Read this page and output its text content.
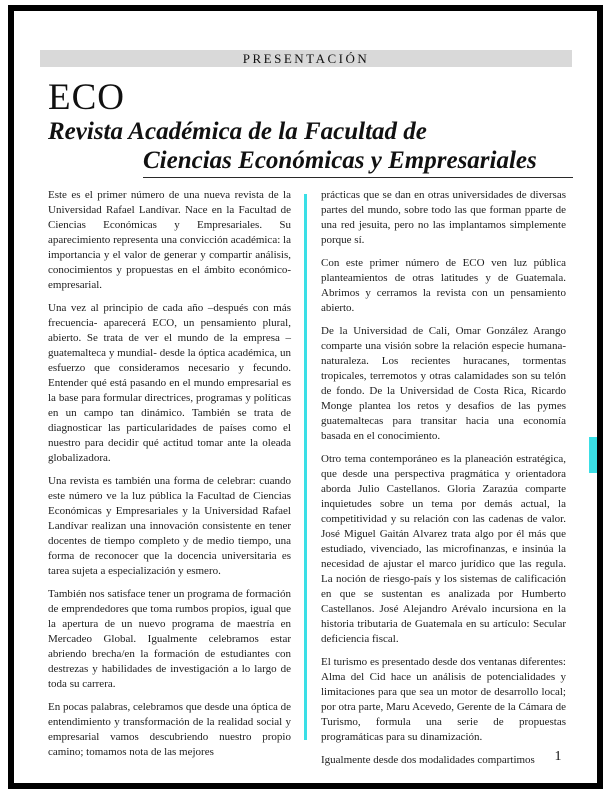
PRESENTACIÓN
ECO
Revista Académica de la Facultad de
Ciencias Económicas y Empresariales

Este es el primer número de una nueva revista de la Universidad Rafael Landívar. Nace en la Facultad de Ciencias Económicas y Empresariales. Su aparecimiento representa una convicción académica: la importancia y el valor de generar y compartir análisis, conocimientos y propuestas en el ámbito económico-empresarial.

Una vez al principio de cada año –después con más frecuencia- aparecerá ECO, un pensamiento plural, abierto. Se trata de ver el mundo de la empresa –guatemalteca y mundial- desde la óptica académica, un esfuerzo que consideramos necesario y fecundo. Entender qué está pasando en el mundo empresarial es la base para formular directrices, programas y políticas en un campo tan dinámico. También se trata de diagnosticar las particularidades de países como el nuestro para decidir qué actitud tomar ante la oleada globalizadora.

Una revista es también una forma de celebrar: cuando este número ve la luz pública la Facultad de Ciencias Económicas y Empresariales y la Universidad Rafael Landívar realizan una innovación consistente en tener docentes de tiempo completo y de medio tiempo, una forma de reconocer que la docencia universitaria es tarea sujeta a especialización y esmero.

También nos satisface tener un programa de formación de emprendedores que toma rumbos propios, igual que la apertura de un nuevo programa de maestría en Mercadeo Global. Igualmente celebramos estar abriendo brecha/en la formación de estudiantes con destrezas y habilidades de investigación a lo largo de toda su carrera.

En pocas palabras, celebramos que desde una óptica de entendimiento y transformación de la realidad social y empresarial vamos descubriendo nuestro propio camino; tomamos nota de las mejores

prácticas que se dan en otras universidades de diversas partes del mundo, sobre todo las que forman pparte de una red jesuita, pero no las implantamos simplemente porque sí.

Con este primer número de ECO ven luz pública planteamientos de otras latitudes y de Guatemala. Abrimos y cerramos la revista con un pensamiento abierto.

De la Universidad de Cali, Omar González Arango comparte una visión sobre la relación especie humana-naturaleza. Los recientes huracanes, tormentas tropicales, terremotos y otras calamidades son su telón de fondo. De la Universidad de Costa Rica, Ricardo Monge plantea los retos y desafios de las pymes guatemaltecas para transitar hacia una economía basada en el conocimiento.

Otro tema contemporáneo es la planeación estratégica, que desde una perspectiva pragmática y orientadora aborda Julio Castellanos. Gloria Zarazúa comparte inquietudes sobre un tema por demás actual, la competitividad y su relación con las cadenas de valor. José Miguel Gaitán Alvarez trata algo por él más que estudiado, vivenciado, las microfinanzas, e insinúa la necesidad de ajustar el marco jurídico que las regula. La noción de riesgo-país y los sistemas de calificación en que se sustentan es analizada por Humberto Castellanos. José Alejandro Arévalo incursiona en la historia tributaria de Guatemala en su artículo: Secular deficiencia fiscal.

El turismo es presentado desde dos ventanas diferentes: Alma del Cid hace un análisis de potencialidades y limitaciones para que sea un motor de desarrollo local; por otra parte, Maru Acevedo, Gerente de la Cámara de Turismo, formula una serie de propuestas programáticas para su dinamización.

Igualmente desde dos modalidades compartimos	1
